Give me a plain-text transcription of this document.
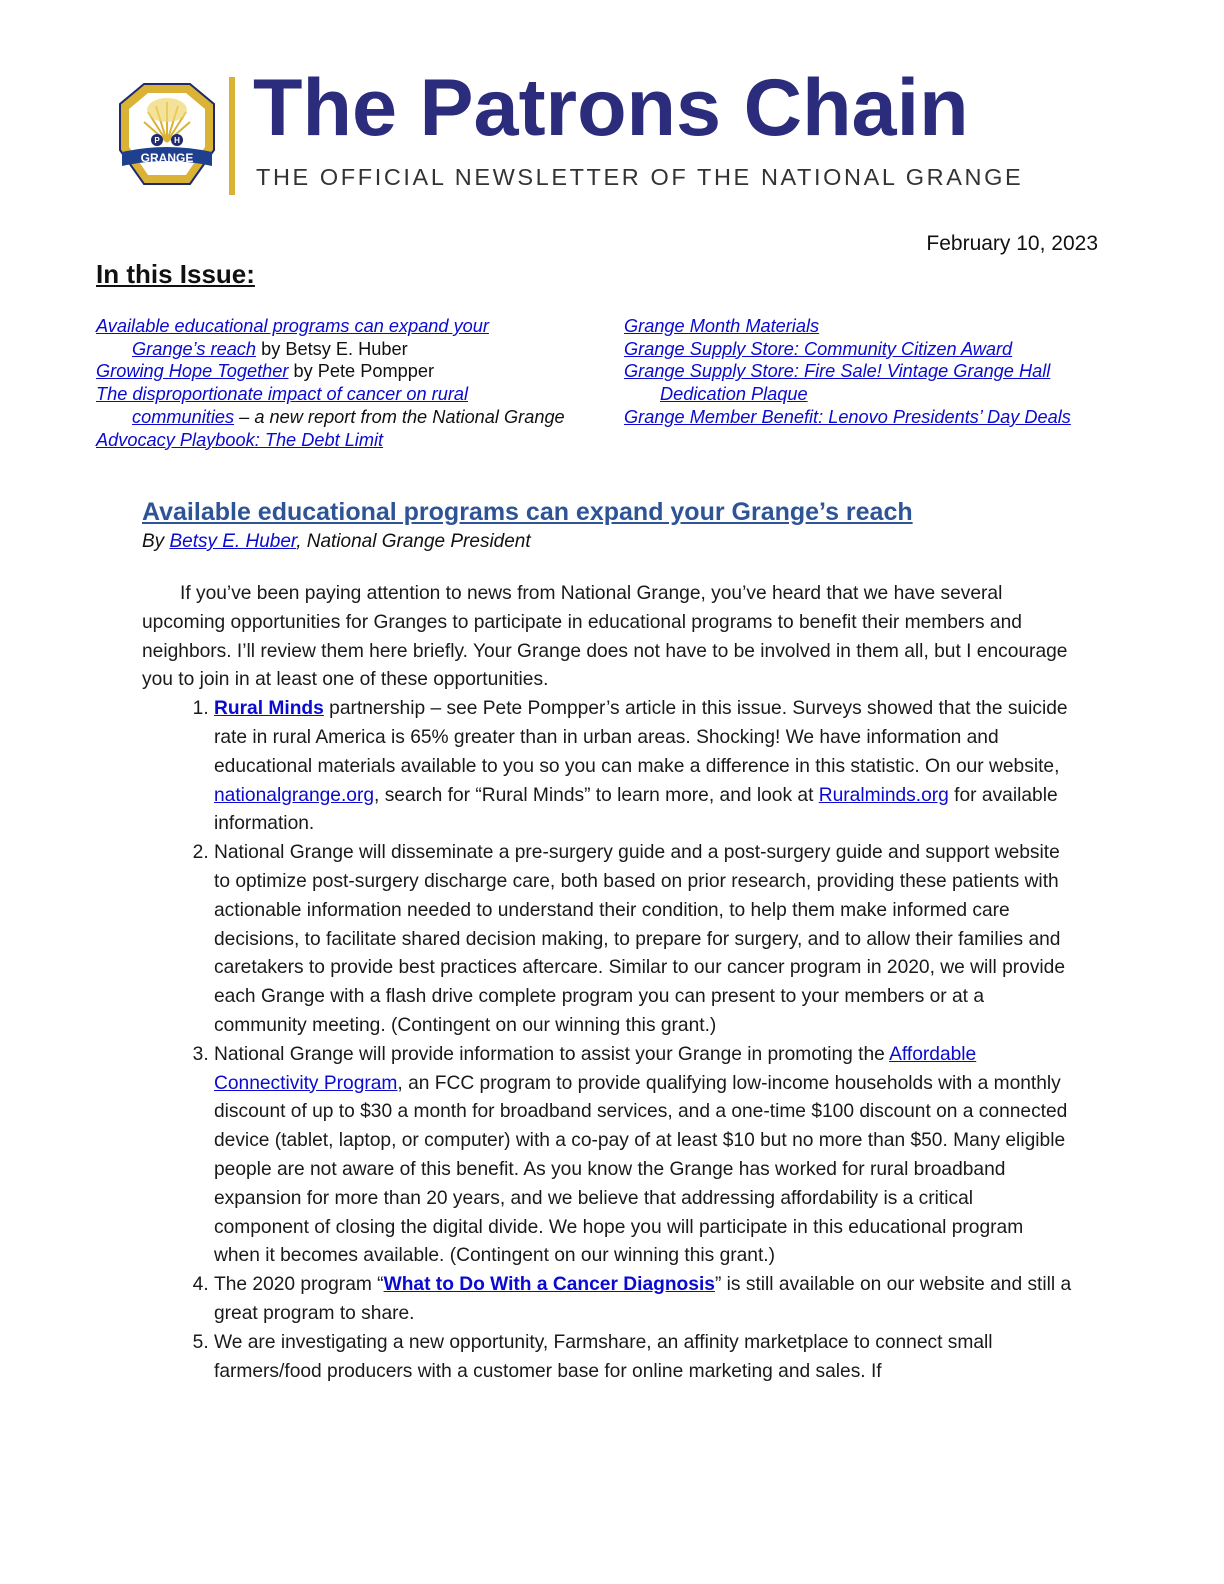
P H
GRANGE
The Patrons Chain
THE OFFICIAL NEWSLETTER OF THE NATIONAL GRANGE
February 10, 2023
In this Issue:
Available educational programs can expand your Grange’s reach by Betsy E. Huber
Growing Hope Together by Pete Pompper
The disproportionate impact of cancer on rural communities – a new report from the National Grange
Advocacy Playbook: The Debt Limit
Grange Month Materials
Grange Supply Store: Community Citizen Award
Grange Supply Store: Fire Sale! Vintage Grange Hall Dedication Plaque
Grange Member Benefit: Lenovo Presidents’ Day Deals
Available educational programs can expand your Grange’s reach
By Betsy E. Huber, National Grange President

If you’ve been paying attention to news from National Grange, you’ve heard that we have several upcoming opportunities for Granges to participate in educational programs to benefit their members and neighbors. I’ll review them here briefly. Your Grange does not have to be involved in them all, but I encourage you to join in at least one of these opportunities.

1. Rural Minds partnership – see Pete Pompper’s article in this issue. Surveys showed that the suicide rate in rural America is 65% greater than in urban areas. Shocking! We have information and educational materials available to you so you can make a difference in this statistic. On our website, nationalgrange.org, search for “Rural Minds” to learn more, and look at Ruralminds.org for available information.
2. National Grange will disseminate a pre-surgery guide and a post-surgery guide and support website to optimize post-surgery discharge care, both based on prior research, providing these patients with actionable information needed to understand their condition, to help them make informed care decisions, to facilitate shared decision making, to prepare for surgery, and to allow their families and caretakers to provide best practices aftercare. Similar to our cancer program in 2020, we will provide each Grange with a flash drive complete program you can present to your members or at a community meeting. (Contingent on our winning this grant.)
3. National Grange will provide information to assist your Grange in promoting the Affordable Connectivity Program, an FCC program to provide qualifying low-income households with a monthly discount of up to $30 a month for broadband services, and a one-time $100 discount on a connected device (tablet, laptop, or computer) with a co-pay of at least $10 but no more than $50. Many eligible people are not aware of this benefit. As you know the Grange has worked for rural broadband expansion for more than 20 years, and we believe that addressing affordability is a critical component of closing the digital divide. We hope you will participate in this educational program when it becomes available. (Contingent on our winning this grant.)
4. The 2020 program “What to Do With a Cancer Diagnosis” is still available on our website and still a great program to share.
5. We are investigating a new opportunity, Farmshare, an affinity marketplace to connect small farmers/food producers with a customer base for online marketing and sales. If
